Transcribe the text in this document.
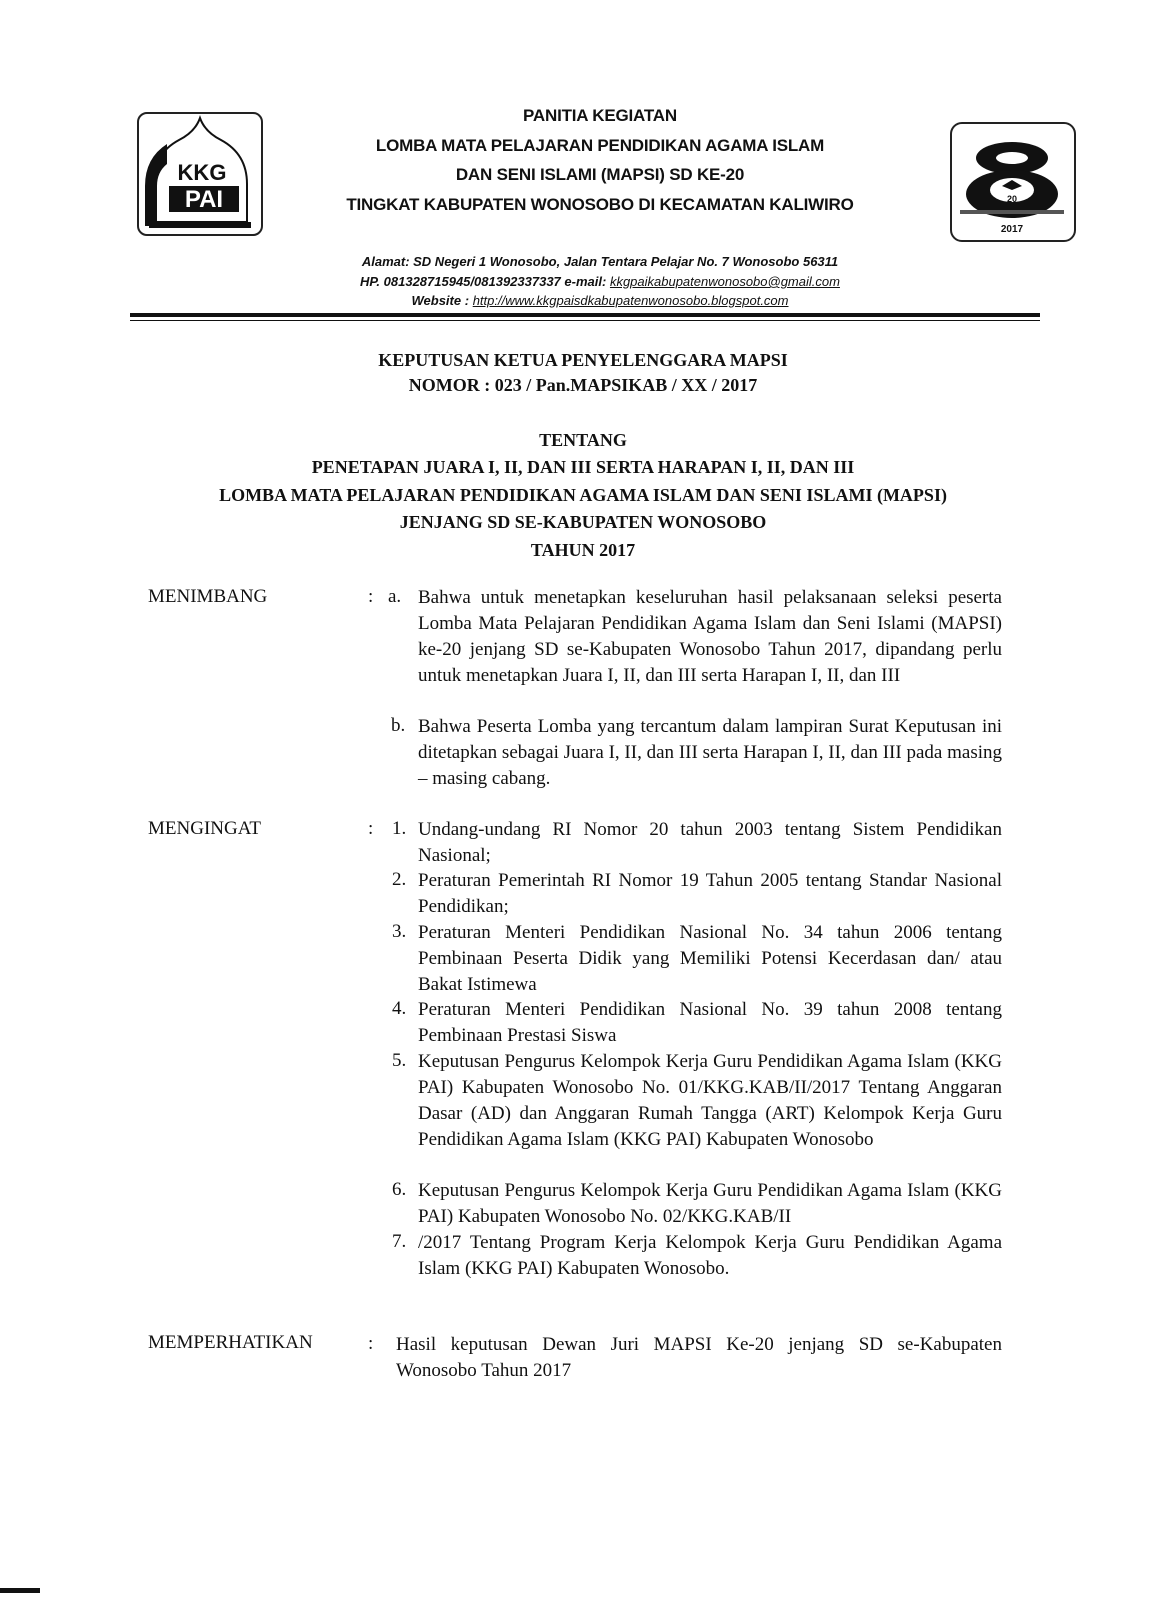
KKG
PAI
PANITIA KEGIATAN
LOMBA MATA PELAJARAN PENDIDIKAN AGAMA ISLAM
DAN SENI ISLAMI (MAPSI) SD KE-20
TINGKAT KABUPATEN WONOSOBO DI KECAMATAN KALIWIRO	20
2017
Alamat: SD Negeri 1 Wonosobo, Jalan Tentara Pelajar No. 7 Wonosobo 56311
HP. 081328715945/081392337337 e-mail: kkgpaikabupatenwonosobo@gmail.com
Website : http://www.kkgpaisdkabupatenwonosobo.blogspot.com
KEPUTUSAN KETUA PENYELENGGARA MAPSI
NOMOR : 023 / Pan.MAPSIKAB / XX / 2017
TENTANG
PENETAPAN JUARA I, II, DAN III SERTA HARAPAN I, II, DAN III
LOMBA MATA PELAJARAN PENDIDIKAN AGAMA ISLAM DAN SENI ISLAMI (MAPSI)
JENJANG SD SE-KABUPATEN WONOSOBO
TAHUN 2017
MENIMBANG	: a. Bahwa untuk menetapkan keseluruhan hasil pelaksanaan seleksi peserta Lomba Mata Pelajaran Pendidikan Agama Islam dan Seni Islami (MAPSI) ke-20 jenjang SD se-Kabupaten Wonosobo Tahun 2017, dipandang perlu untuk menetapkan Juara I, II, dan III serta Harapan I, II, dan III
b. Bahwa Peserta Lomba yang tercantum dalam lampiran Surat Keputusan ini ditetapkan sebagai Juara I, II, dan III serta Harapan I, II, dan III pada masing – masing cabang.
MENGINGAT	: 1. Undang-undang RI Nomor 20 tahun 2003 tentang Sistem Pendidikan Nasional;
2. Peraturan Pemerintah RI Nomor 19 Tahun 2005 tentang Standar Nasional Pendidikan;
3. Peraturan Menteri Pendidikan Nasional No. 34 tahun 2006 tentang Pembinaan Peserta Didik yang Memiliki Potensi Kecerdasan dan/ atau Bakat Istimewa
4. Peraturan Menteri Pendidikan Nasional No. 39 tahun 2008 tentang Pembinaan Prestasi Siswa
5. Keputusan Pengurus Kelompok Kerja Guru Pendidikan Agama Islam (KKG PAI) Kabupaten Wonosobo No. 01/KKG.KAB/II/2017 Tentang Anggaran Dasar (AD) dan Anggaran Rumah Tangga (ART) Kelompok Kerja Guru Pendidikan Agama Islam (KKG PAI) Kabupaten Wonosobo
6. Keputusan Pengurus Kelompok Kerja Guru Pendidikan Agama Islam (KKG PAI) Kabupaten Wonosobo No. 02/KKG.KAB/II
7. /2017 Tentang Program Kerja Kelompok Kerja Guru Pendidikan Agama Islam (KKG PAI) Kabupaten Wonosobo.
MEMPERHATIKAN	: Hasil keputusan Dewan Juri MAPSI Ke-20 jenjang SD se-Kabupaten Wonosobo Tahun 2017
